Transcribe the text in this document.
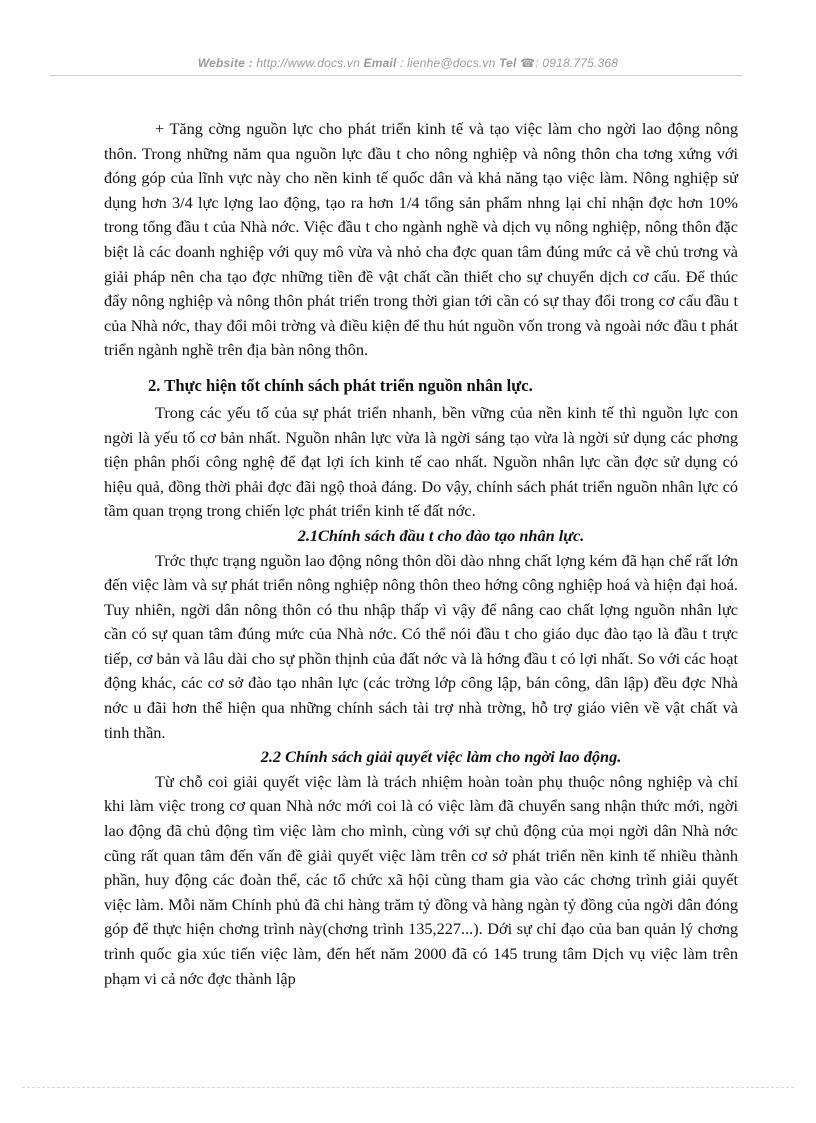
Website : http://www.docs.vn Email : lienhe@docs.vn Tel ☎: 0918.775.368

+ Tăng cờng nguồn lực cho phát triển kinh tế và tạo việc làm cho ngời lao động nông thôn. Trong những năm qua nguồn lực đầu t cho nông nghiệp và nông thôn cha tơng xứng với đóng góp của lĩnh vực này cho nền kinh tế quốc dân và khả năng tạo việc làm. Nông nghiệp sử dụng hơn 3/4 lực lợng lao động, tạo ra hơn 1/4 tổng sản phẩm nhng lại chỉ nhận đợc hơn 10% trong tổng đầu t của Nhà nớc. Việc đầu t cho ngành nghề và dịch vụ nông nghiệp, nông thôn đặc biệt là các doanh nghiệp với quy mô vừa và nhỏ cha đợc quan tâm đúng mức cả về chủ trơng và giải pháp nên cha tạo đợc những tiền đề vật chất cần thiết cho sự chuyển dịch cơ cấu. Để thúc đẩy nông nghiệp và nông thôn phát triển trong thời gian tới cần có sự thay đổi trong cơ cấu đầu t của Nhà nớc, thay đổi môi trờng và điều kiện để thu hút nguồn vốn trong và ngoài nớc đầu t phát triển ngành nghề trên địa bàn nông thôn.

2. Thực hiện tốt chính sách phát triển nguồn nhân lực.

Trong các yếu tố của sự phát triển nhanh, bền vững của nền kinh tế thì nguồn lực con ngời là yếu tố cơ bản nhất. Nguồn nhân lực vừa là ngời sáng tạo vừa là ngời sử dụng các phơng tiện phân phối công nghệ để đạt lợi ích kinh tế cao nhất. Nguồn nhân lực cần đợc sử dụng có hiệu quả, đồng thời phải đợc đãi ngộ thoả đáng. Do vậy, chính sách phát triển nguồn nhân lực có tầm quan trọng trong chiến lợc phát triển kinh tế đất nớc.

2.1Chính sách đầu t cho đào tạo nhân lực.

Trớc thực trạng nguồn lao động nông thôn dồi dào nhng chất lợng kém đã hạn chế rất lớn đến việc làm và sự phát triển nông nghiệp nông thôn theo hớng công nghiệp hoá và hiện đại hoá. Tuy nhiên, ngời dân nông thôn có thu nhập thấp vì vậy để nâng cao chất lợng nguồn nhân lực cần có sự quan tâm đúng mức của Nhà nớc. Có thể nói đầu t cho giáo dục đào tạo là đầu t trực tiếp, cơ bản và lâu dài cho sự phồn thịnh của đất nớc và là hớng đầu t có lợi nhất. So với các hoạt động khác, các cơ sở đào tạo nhân lực (các trờng lớp công lập, bán công, dân lập) đều đợc Nhà nớc u đãi hơn thể hiện qua những chính sách tài trợ nhà trờng, hỗ trợ giáo viên về vật chất và tinh thần.

2.2 Chính sách giải quyết việc làm cho ngời lao động.

Từ chỗ coi giải quyết việc làm là trách nhiệm hoàn toàn phụ thuộc nông nghiệp và chỉ khi làm việc trong cơ quan Nhà nớc mới coi là có việc làm đã chuyển sang nhận thức mới, ngời lao động đã chủ động tìm việc làm cho mình, cùng với sự chủ động của mọi ngời dân Nhà nớc cũng rất quan tâm đến vấn đề giải quyết việc làm trên cơ sở phát triển nền kinh tế nhiều thành phần, huy động các đoàn thể, các tổ chức xã hội cùng tham gia vào các chơng trình giải quyết việc làm. Mỗi năm Chính phủ đã chi hàng trăm tỷ đồng và hàng ngàn tỷ đồng của ngời dân đóng góp để thực hiện chơng trình này(chơng trình 135,227...). Dới sự chỉ đạo của ban quản lý chơng trình quốc gia xúc tiến việc làm, đến hết năm 2000 đã có 145 trung tâm Dịch vụ việc làm trên phạm vi cả nớc đợc thành lập
